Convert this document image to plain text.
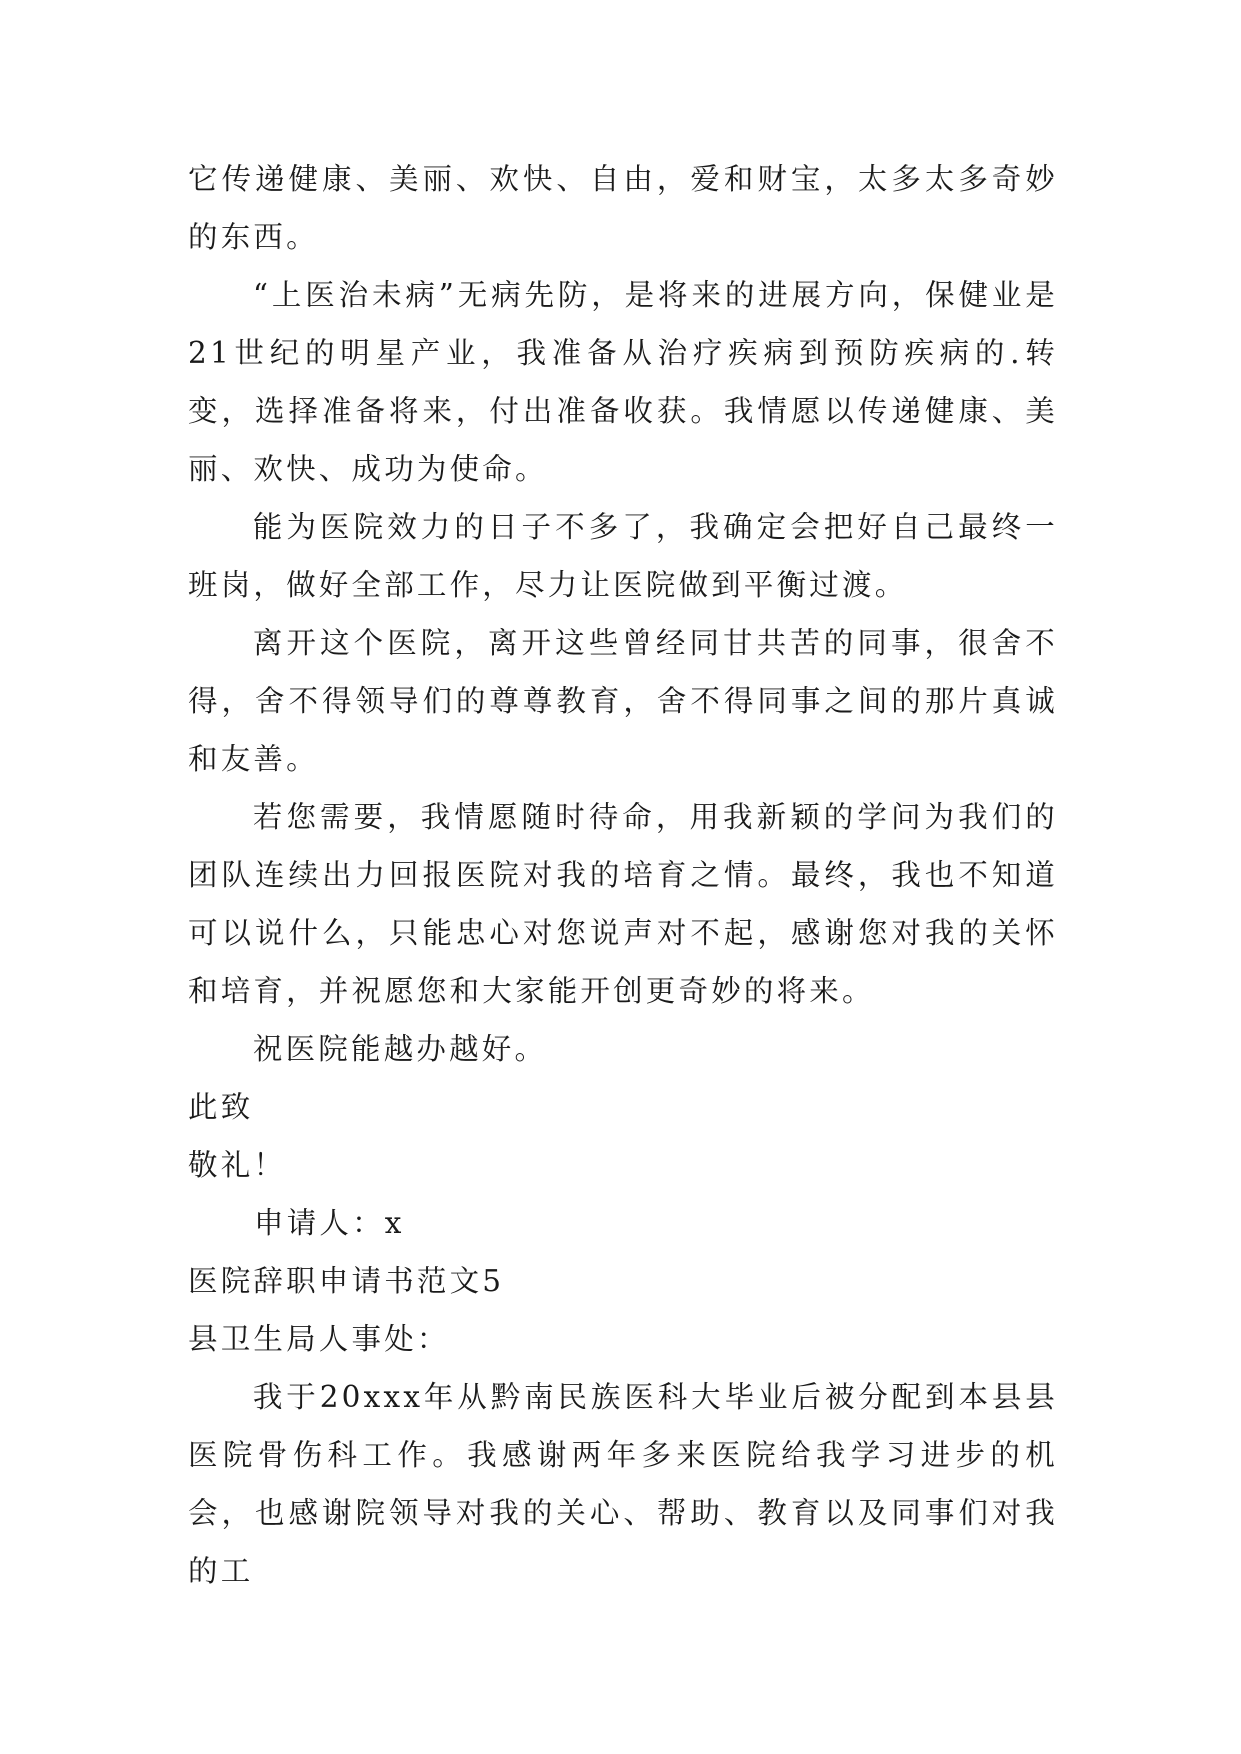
它传递健康、美丽、欢快、自由，爱和财宝，太多太多奇妙的东西。

“上医治未病”无病先防，是将来的进展方向，保健业是21世纪的明星产业，我准备从治疗疾病到预防疾病的.转变，选择准备将来，付出准备收获。我情愿以传递健康、美丽、欢快、成功为使命。

能为医院效力的日子不多了，我确定会把好自己最终一班岗，做好全部工作，尽力让医院做到平衡过渡。

离开这个医院，离开这些曾经同甘共苦的同事，很舍不得，舍不得领导们的尊尊教育，舍不得同事之间的那片真诚和友善。

若您需要，我情愿随时待命，用我新颖的学问为我们的团队连续出力回报医院对我的培育之情。最终，我也不知道可以说什么，只能忠心对您说声对不起，感谢您对我的关怀和培育，并祝愿您和大家能开创更奇妙的将来。

祝医院能越办越好。

此致

敬礼！

申请人：x

医院辞职申请书范文5

县卫生局人事处：

我于20xxx年从黔南民族医科大毕业后被分配到本县县医院骨伤科工作。我感谢两年多来医院给我学习进步的机会，也感谢院领导对我的关心、帮助、教育以及同事们对我的工
